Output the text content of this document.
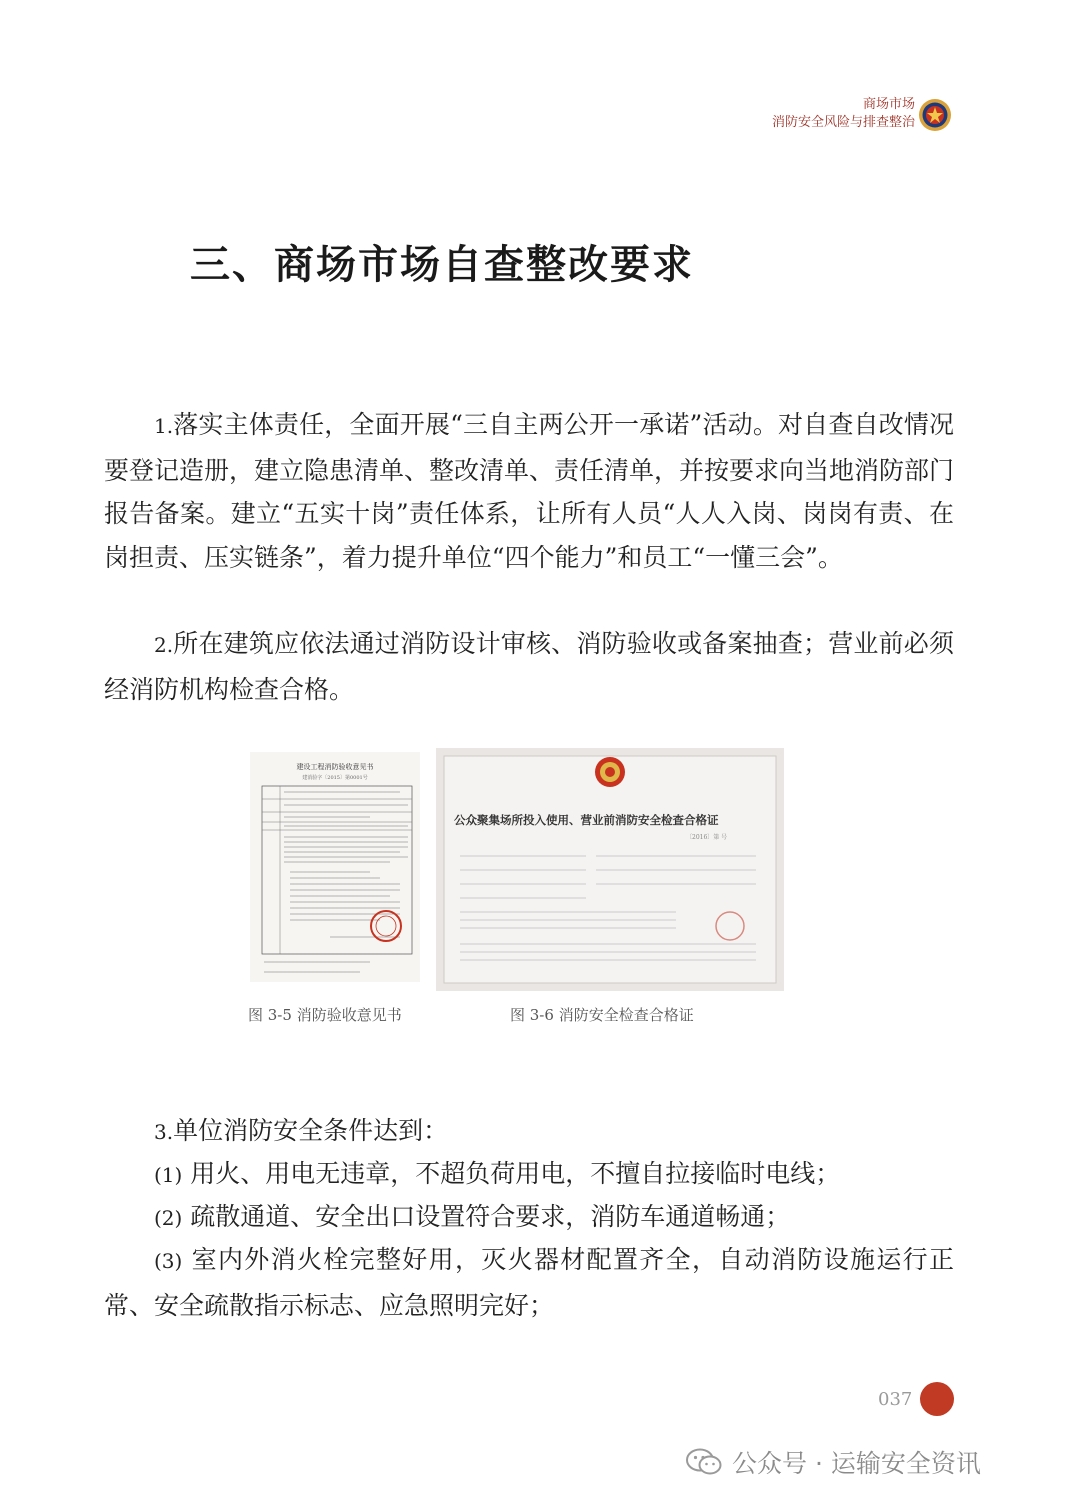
商场市场
消防安全风险与排查整治
三、商场市场自查整改要求

1.落实主体责任，全面开展“三自主两公开一承诺”活动。对自查自改情况要登记造册，建立隐患清单、整改清单、责任清单，并按要求向当地消防部门报告备案。建立“五实十岗”责任体系，让所有人员“人人入岗、岗岗有责、在岗担责、压实链条”，着力提升单位“四个能力”和员工“一懂三会”。

2.所在建筑应依法通过消防设计审核、消防验收或备案抽查；营业前必须经消防机构检查合格。

建设工程消防验收意见书
建消验字〔2015〕第0001号
公众聚集场所投入使用、营业前消防安全检查合格证
〔2016〕第 号
图 3-5 消防验收意见书	图 3-6 消防安全检查合格证

3.单位消防安全条件达到：

(1) 用火、用电无违章，不超负荷用电，不擅自拉接临时电线；

(2) 疏散通道、安全出口设置符合要求，消防车通道畅通；

(3) 室内外消火栓完整好用，灭火器材配置齐全，自动消防设施运行正常、安全疏散指示标志、应急照明完好；

037
公众号 · 运输安全资讯
